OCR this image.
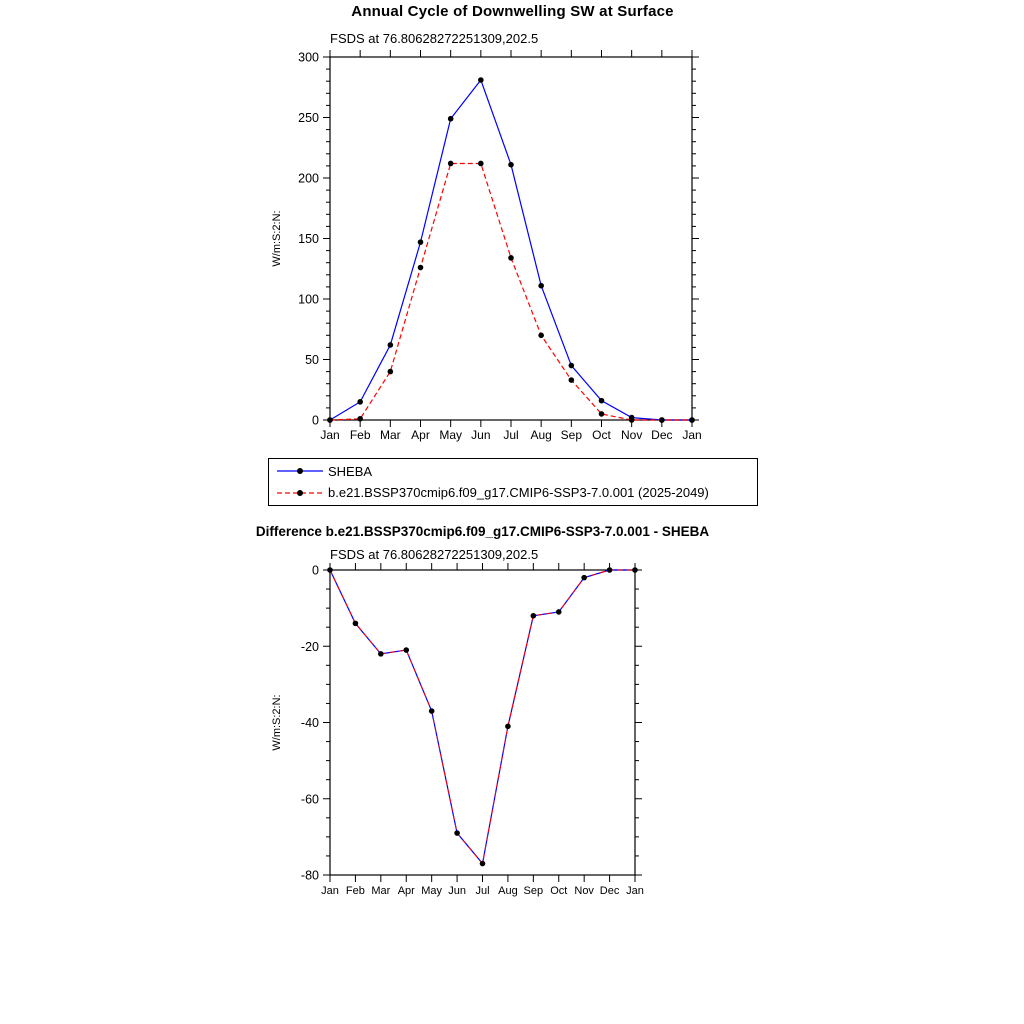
Annual Cycle of Downwelling SW at Surface
FSDS at 76.80628272251309,202.5
0
50
100
150
200
250
300
Jan Feb Mar Apr May Jun Jul Aug Sep Oct Nov Dec Jan
W/m:S:2:N:
SHEBA
b.e21.BSSP370cmip6.f09_g17.CMIP6-SSP3-7.0.001 (2025-2049)
Difference b.e21.BSSP370cmip6.f09_g17.CMIP6-SSP3-7.0.001 - SHEBA
FSDS at 76.80628272251309,202.5
0
-20
-40
-60
-80
Jan Feb Mar Apr May Jun Jul Aug Sep Oct Nov Dec Jan
W/m:S:2:N:
